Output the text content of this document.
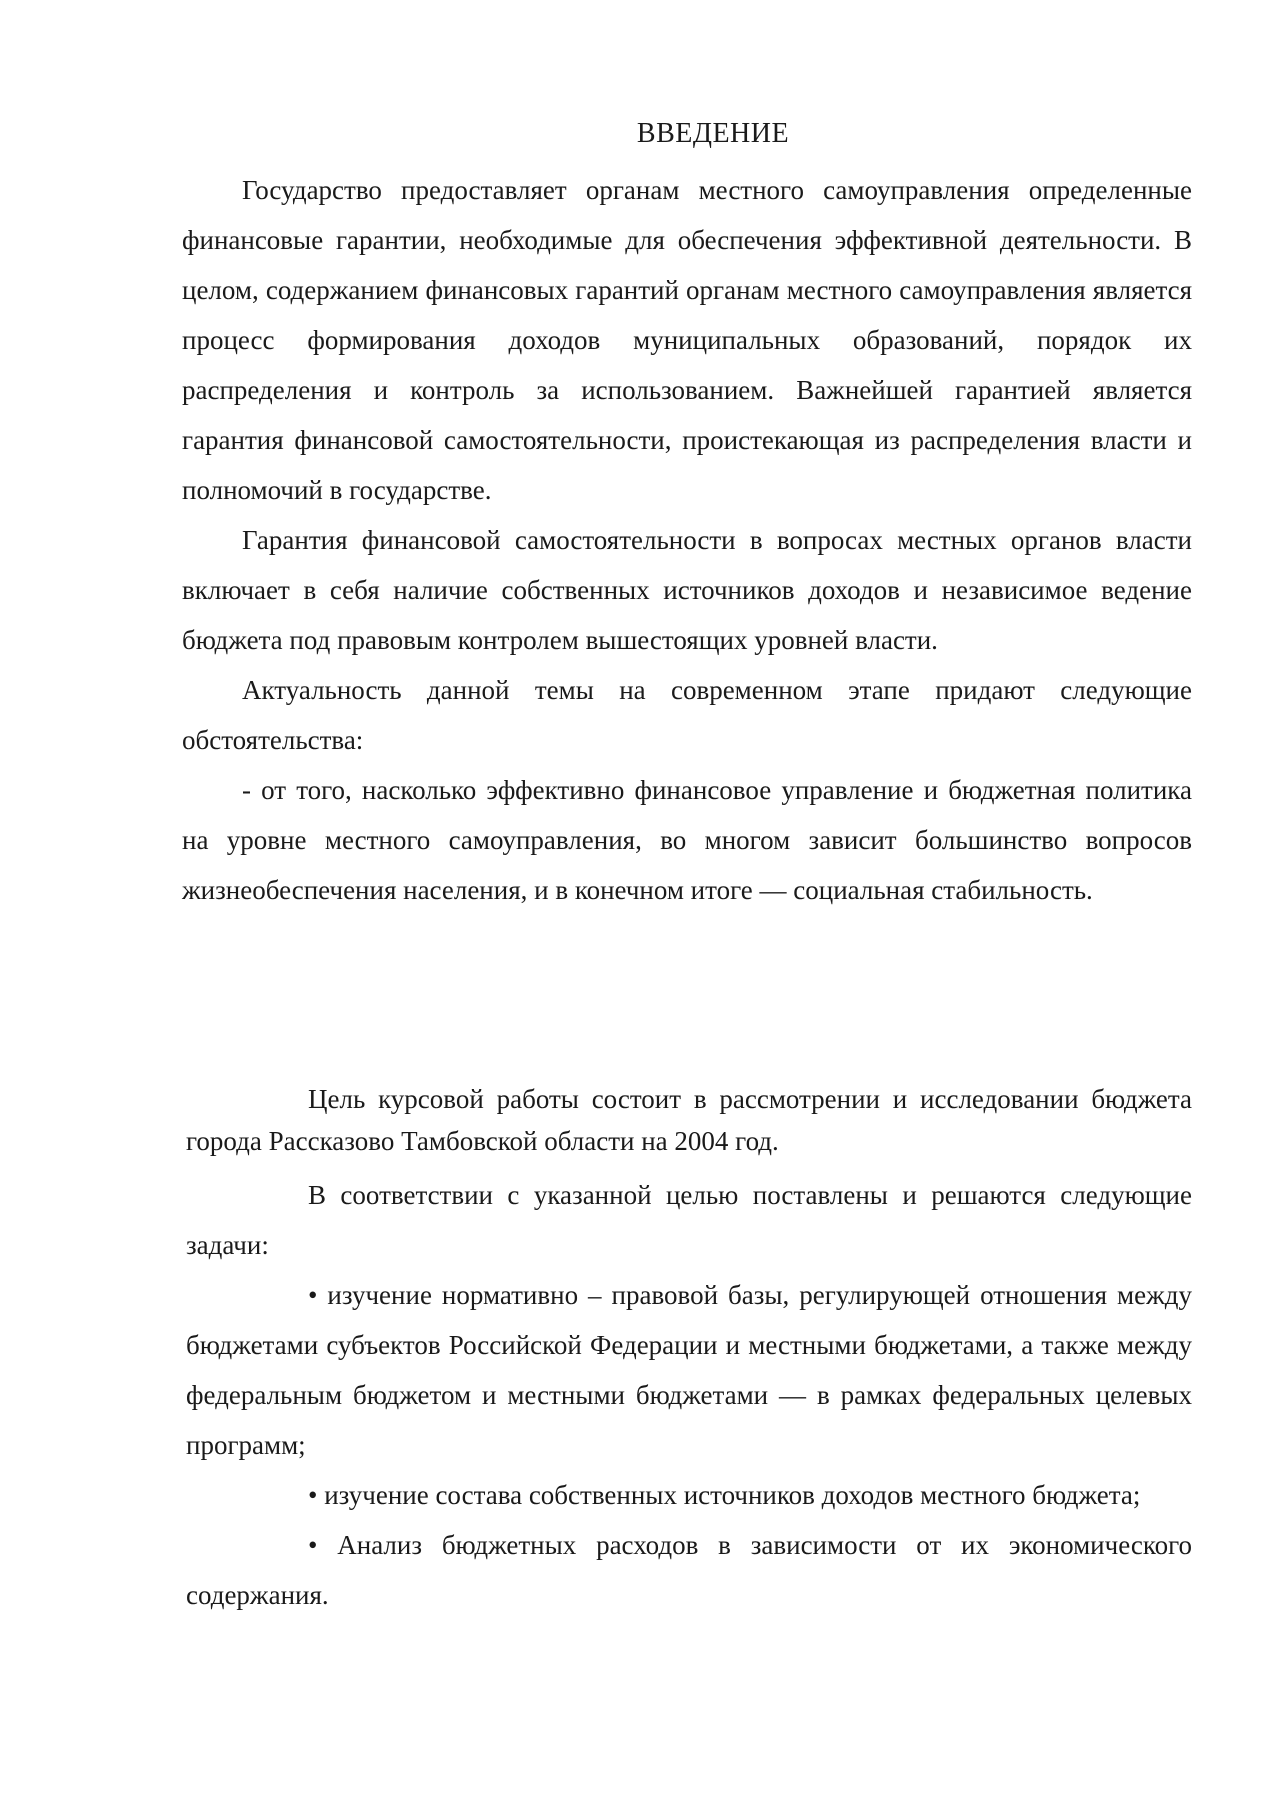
ВВЕДЕНИЕ

Государство предоставляет органам местного самоуправления определенные финансовые гарантии, необходимые для обеспечения эффективной деятельности. В целом, содержанием финансовых гарантий органам местного самоуправления является процесс формирования доходов муниципальных образований, порядок их распределения и контроль за использованием. Важнейшей гарантией является гарантия финансовой самостоятельности, проистекающая из распределения власти и полномочий в государстве.

Гарантия финансовой самостоятельности в вопросах местных органов власти включает в себя наличие собственных источников доходов и независимое ведение бюджета под правовым контролем вышестоящих уровней власти.

Актуальность данной темы на современном этапе придают следующие обстоятельства:

- от того, насколько эффективно финансовое управление и бюджетная политика на уровне местного самоуправления, во многом зависит большинство вопросов жизнеобеспечения населения, и в конечном итоге — социальная стабильность.

Цель курсовой работы состоит в рассмотрении и исследовании бюджета города Рассказово Тамбовской области на 2004 год.

В соответствии с указанной целью поставлены и решаются следующие задачи:

• изучение нормативно – правовой базы, регулирующей отношения между бюджетами субъектов Российской Федерации и местными бюджетами, а также между федеральным бюджетом и местными бюджетами — в рамках федеральных целевых программ;

• изучение состава собственных источников доходов местного бюджета;

• Анализ бюджетных расходов в зависимости от их экономического содержания.
